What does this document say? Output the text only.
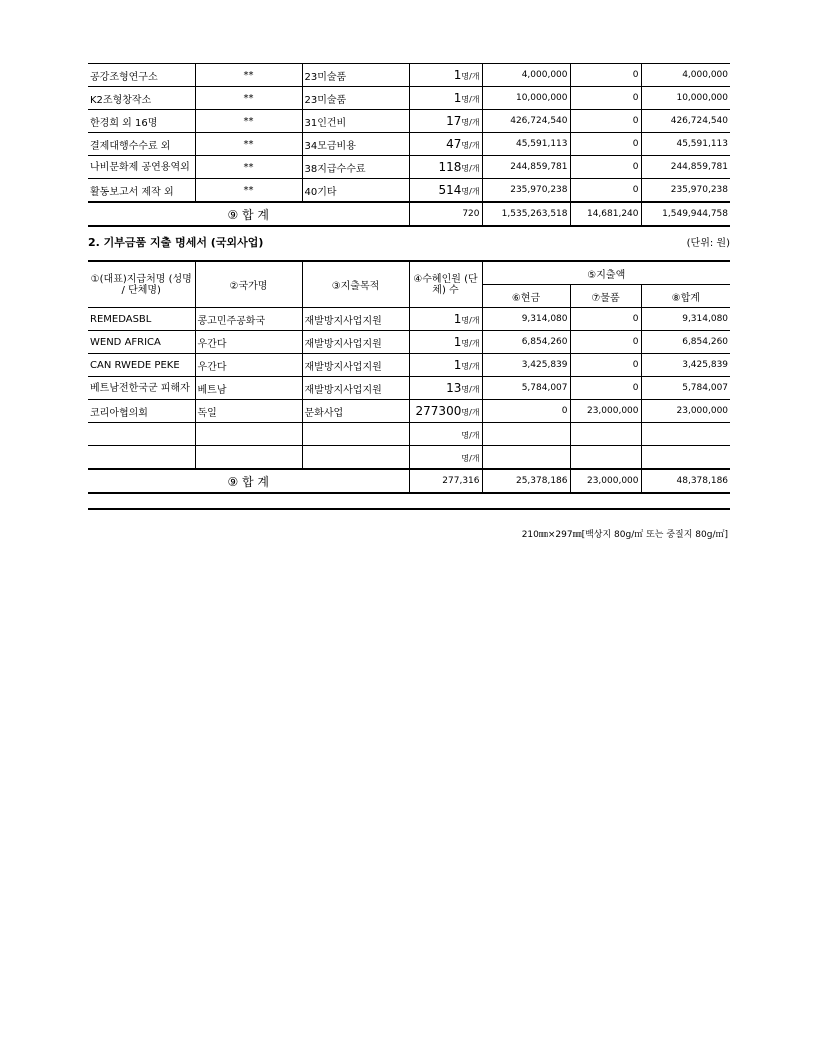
공강조형연구소	**	23미술품	1명/개	4,000,000	0	4,000,000
K2조형창작소	**	23미술품	1명/개	10,000,000	0	10,000,000
한경희 외 16명	**	31인건비	17명/개	426,724,540	0	426,724,540
결제대행수수료 외	**	34모금비용	47명/개	45,591,113	0	45,591,113
나비문화제 공연용역외	**	38지급수수료	118명/개	244,859,781	0	244,859,781
활동보고서 제작 외	**	40기타	514명/개	235,970,238	0	235,970,238
⑨ 합 계			720	1,535,263,518	14,681,240	1,549,944,758
2. 기부금품 지출 명세서 (국외사업)	(단위: 원)
①(대표)지급처명 (성명 / 단체명)	②국가명	③지출목적	④수혜인원 (단체) 수	⑤지출액		
				⑥현금	⑦물품	⑧합계
REMEDASBL	콩고민주공화국	재발방지사업지원	1명/개	9,314,080	0	9,314,080
WEND AFRICA	우간다	재발방지사업지원	1명/개	6,854,260	0	6,854,260
CAN RWEDE PEKE	우간다	재발방지사업지원	1명/개	3,425,839	0	3,425,839
베트남전한국군 피해자	베트남	재발방지사업지원	13명/개	5,784,007	0	5,784,007
코리아협의회	독일	문화사업	277300명/개	0	23,000,000	23,000,000
			명/개			
			명/개			
⑨ 합 계			277,316	25,378,186	23,000,000	48,378,186
210㎜×297㎜[백상지 80g/㎡ 또는 중질지 80g/㎡]
